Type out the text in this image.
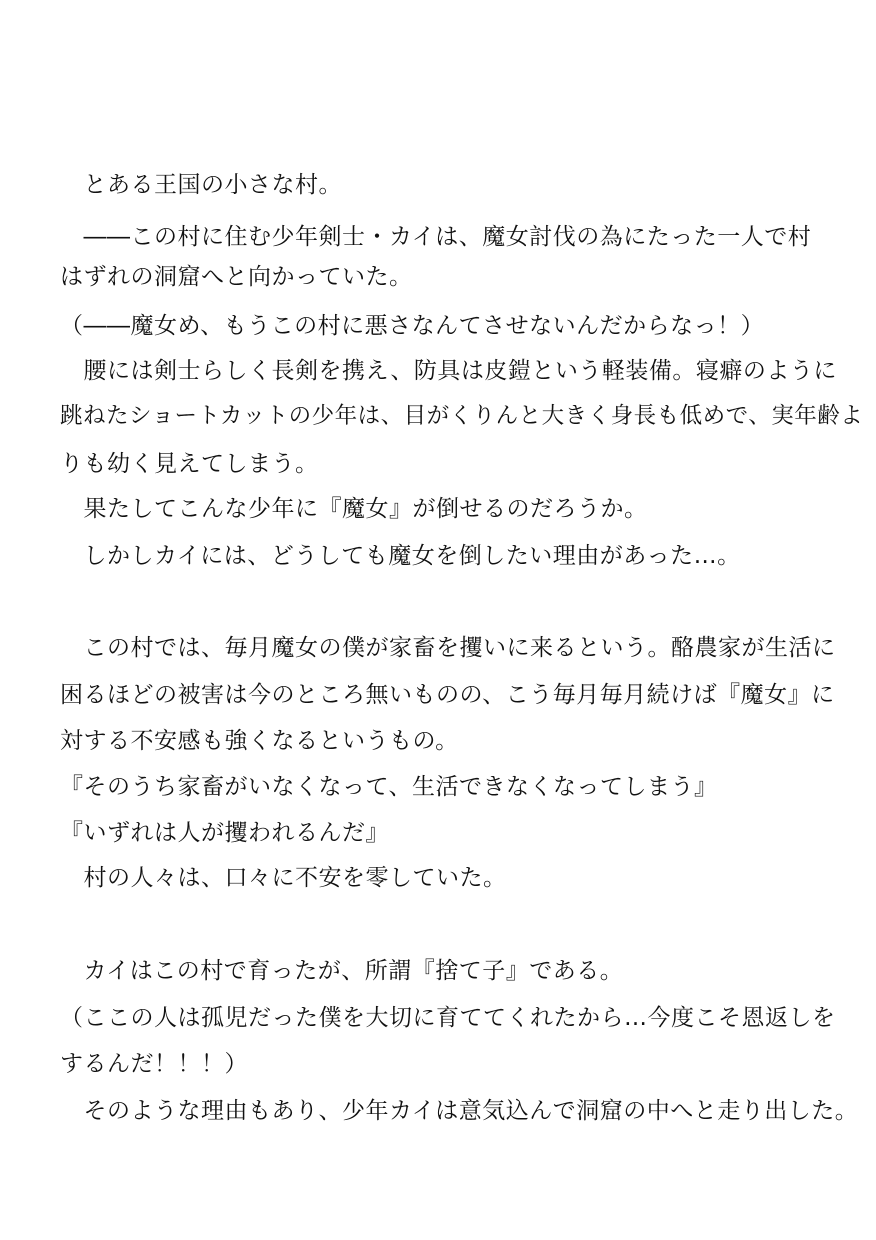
　とある王国の小さな村。
　――この村に住む少年剣士・カイは、魔女討伐の為にたった一人で村
はずれの洞窟へと向かっていた。
（――魔女め、もうこの村に悪さなんてさせないんだからなっ！）
　腰には剣士らしく長剣を携え、防具は皮鎧という軽装備。寝癖のように
跳ねたショートカットの少年は、目がくりんと大きく身長も低めで、実年齢よ
りも幼く見えてしまう。
　果たしてこんな少年に『魔女』が倒せるのだろうか。
　しかしカイには、どうしても魔女を倒したい理由があった…。
　この村では、毎月魔女の僕が家畜を攫いに来るという。酪農家が生活に
困るほどの被害は今のところ無いものの、こう毎月毎月続けば『魔女』に
対する不安感も強くなるというもの。
『そのうち家畜がいなくなって、生活できなくなってしまう』
『いずれは人が攫われるんだ』
　村の人々は、口々に不安を零していた。
　カイはこの村で育ったが、所謂『捨て子』である。
（ここの人は孤児だった僕を大切に育ててくれたから…今度こそ恩返しを
するんだ！！！）
　そのような理由もあり、少年カイは意気込んで洞窟の中へと走り出した。
